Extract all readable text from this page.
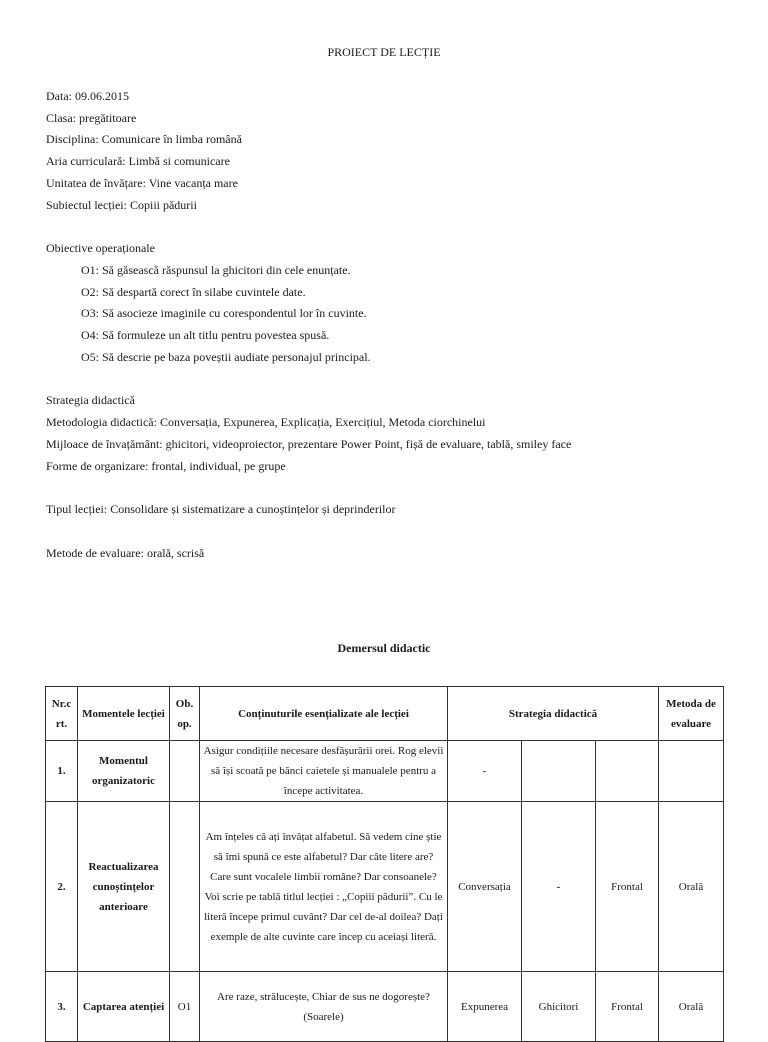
PROIECT DE LECȚIE
Data: 09.06.2015
Clasa: pregătitoare
Disciplina: Comunicare în limba română
Aria curriculară: Limbă si comunicare
Unitatea de învățare: Vine vacanța mare
Subiectul lecției: Copiii pădurii
Obiective operaționale
O1: Să găsească răspunsul la ghicitori din cele enunțate.
O2: Să despartă corect în silabe cuvintele date.
O3: Să asocieze imaginile cu corespondentul lor în cuvinte.
O4: Să formuleze un alt titlu pentru povestea spusă.
O5: Să descrie pe baza poveștii audiate personajul principal.
Strategia didactică
Metodologia didactică: Conversația, Expunerea, Explicația, Exercițiul, Metoda ciorchinelui
Mijloace de învațământ: ghicitori, videoproiector, prezentare Power Point, fișă de evaluare, tablă, smiley face
Forme de organizare: frontal, individual, pe grupe
Tipul lecției: Consolidare și sistematizare a cunoștințelor și deprinderilor
Metode de evaluare: orală, scrisă
Demersul didactic
Nr.c rt.	Momentele lecției	Ob. op.	Conținuturile esențializate ale lecției	Strategia didactică			Metoda de evaluare
1.	Momentul organizatoric		Asigur condițiile necesare desfășurării orei. Rog elevii să își scoată pe bănci caietele și manualele pentru a începe activitatea.	-			
2.	Reactualizarea cunoștințelor anterioare		Am înțeles că ați învățat alfabetul. Să vedem cine știe să îmi spună ce este alfabetul? Dar câte litere are? Care sunt vocalele limbii române? Dar consoanele? Voi scrie pe tablă titlul lecției : „Copiii pădurii”. Cu le literă începe primul cuvânt? Dar cel de-al doilea? Dați exemple de alte cuvinte care încep cu aceiași literă.	Conversația	-	Frontal	Orală
3.	Captarea atenției	O1	Are raze, strălucește, Chiar de sus ne dogorește? (Soarele)	Expunerea	Ghicitori	Frontal	Orală
